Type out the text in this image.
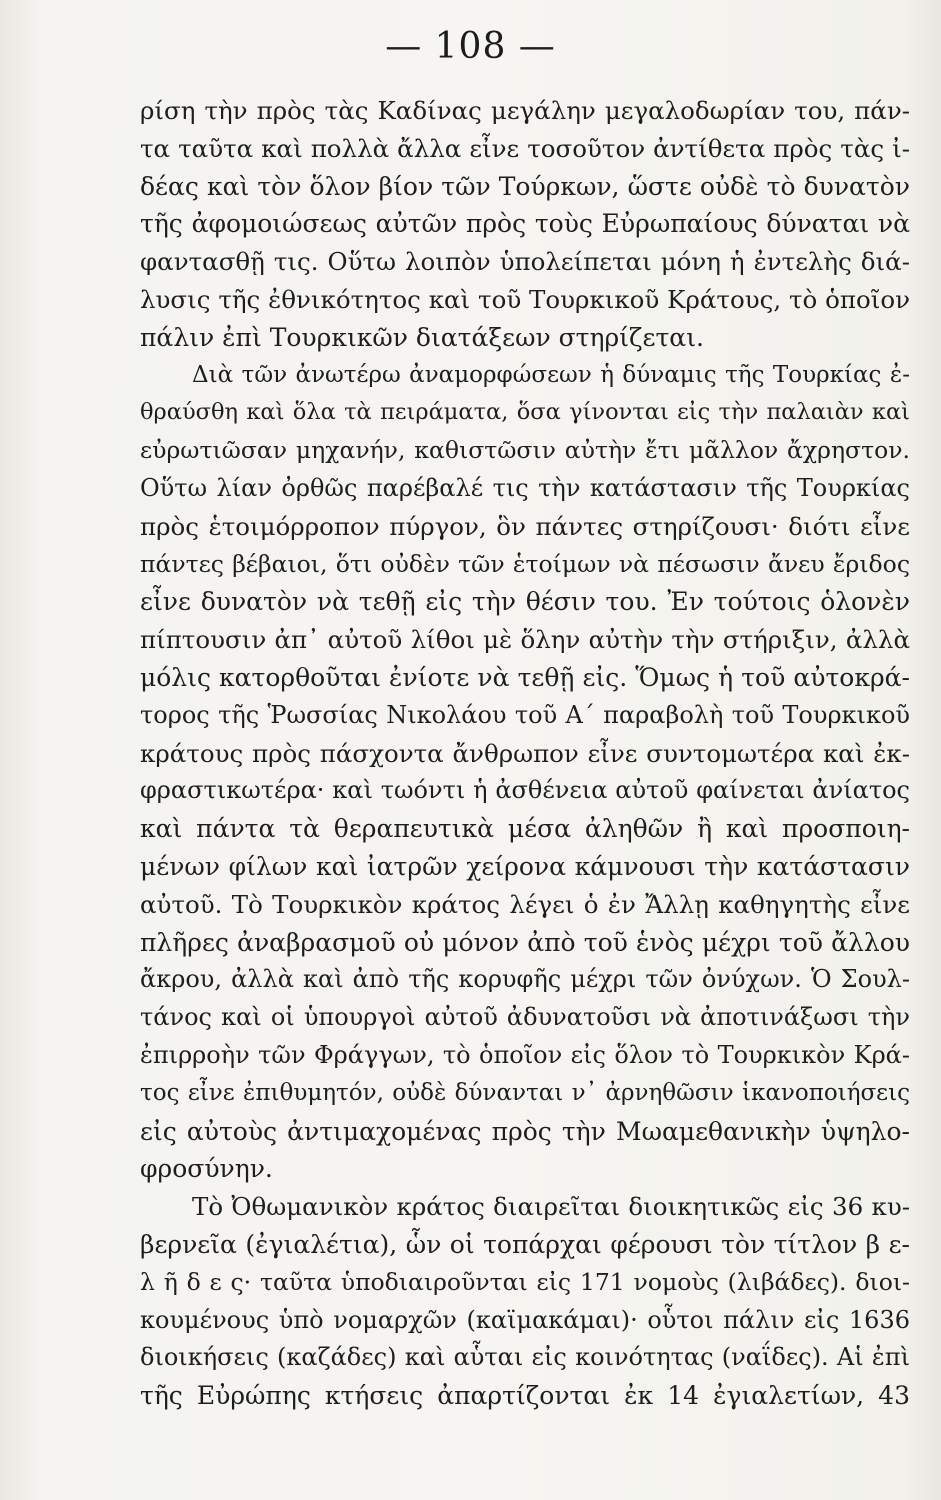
— 108 —
ρίση τὴν πρὸς τὰς Καδίνας μεγάλην μεγαλοδωρίαν του, πάν-
τα ταῦτα καὶ πολλὰ ἄλλα εἶνε τοσοῦτον ἀντίθετα πρὸς τὰς ἰ-
δέας καὶ τὸν ὅλον βίον τῶν Τούρκων, ὥστε οὐδὲ τὸ δυνατὸν
τῆς ἀφομοιώσεως αὐτῶν πρὸς τοὺς Εὐρωπαίους δύναται νὰ
φαντασθῇ τις. Οὕτω λοιπὸν ὑπολείπεται μόνη ἡ ἐντελὴς διά-
λυσις τῆς ἐθνικότητος καὶ τοῦ Τουρκικοῦ Κράτους, τὸ ὁποῖον
πάλιν ἐπὶ Τουρκικῶν διατάξεων στηρίζεται.
Διὰ τῶν ἀνωτέρω ἀναμορφώσεων ἡ δύναμις τῆς Τουρκίας ἐ-
θραύσθη καὶ ὅλα τὰ πειράματα, ὅσα γίνονται εἰς τὴν παλαιὰν καὶ
εὐρωτιῶσαν μηχανήν, καθιστῶσιν αὐτὴν ἔτι μᾶλλον ἄχρηστον.
Οὕτω λίαν ὀρθῶς παρέβαλέ τις τὴν κατάστασιν τῆς Τουρκίας
πρὸς ἑτοιμόρροπον πύργον, ὃν πάντες στηρίζουσι· διότι εἶνε
πάντες βέβαιοι, ὅτι οὐδὲν τῶν ἑτοίμων νὰ πέσωσιν ἄνευ ἔριδος
εἶνε δυνατὸν νὰ τεθῇ εἰς τὴν θέσιν του. Ἐν τούτοις ὁλονὲν
πίπτουσιν ἀπ᾽ αὐτοῦ λίθοι μὲ ὅλην αὐτὴν τὴν στήριξιν, ἀλλὰ
μόλις κατορθοῦται ἐνίοτε νὰ τεθῇ εἰς. Ὅμως ἡ τοῦ αὐτοκρά-
τορος τῆς Ῥωσσίας Νικολάου τοῦ Α΄ παραβολὴ τοῦ Τουρκικοῦ
κράτους πρὸς πάσχοντα ἄνθρωπον εἶνε συντομωτέρα καὶ ἐκ-
φραστικωτέρα· καὶ τωόντι ἡ ἀσθένεια αὐτοῦ φαίνεται ἀνίατος
καὶ πάντα τὰ θεραπευτικὰ μέσα ἀληθῶν ἢ καὶ προσποιη-
μένων φίλων καὶ ἰατρῶν χείρονα κάμνουσι τὴν κατάστασιν
αὐτοῦ. Τὸ Τουρκικὸν κράτος λέγει ὁ ἐν Ἄλλῃ καθηγητὴς εἶνε
πλῆρες ἀναβρασμοῦ οὐ μόνον ἀπὸ τοῦ ἑνὸς μέχρι τοῦ ἄλλου
ἄκρου, ἀλλὰ καὶ ἀπὸ τῆς κορυφῆς μέχρι τῶν ὀνύχων. Ὁ Σουλ-
τάνος καὶ οἱ ὑπουργοὶ αὐτοῦ ἀδυνατοῦσι νὰ ἀποτινάξωσι τὴν
ἐπιρροὴν τῶν Φράγγων, τὸ ὁποῖον εἰς ὅλον τὸ Τουρκικὸν Κρά-
τος εἶνε ἐπιθυμητόν, οὐδὲ δύνανται ν᾽ ἀρνηθῶσιν ἱκανοποιήσεις
εἰς αὐτοὺς ἀντιμαχομένας πρὸς τὴν Μωαμεθανικὴν ὑψηλο-
φροσύνην.
Τὸ Ὀθωμανικὸν κράτος διαιρεῖται διοικητικῶς εἰς 36 κυ-
βερνεῖα (ἐγιαλέτια), ὧν οἱ τοπάρχαι φέρουσι τὸν τίτλον β ε-
λ ῆ δ ε ς· ταῦτα ὑποδιαιροῦνται εἰς 171 νομοὺς (λιβάδες). διοι-
κουμένους ὑπὸ νομαρχῶν (καϊμακάμαι)· οὗτοι πάλιν εἰς 1636
διοικήσεις (καζάδες) καὶ αὗται εἰς κοινότητας (ναΐδες). Αἱ ἐπὶ
τῆς Εὐρώπης κτήσεις ἀπαρτίζονται ἐκ 14 ἐγιαλετίων, 43
